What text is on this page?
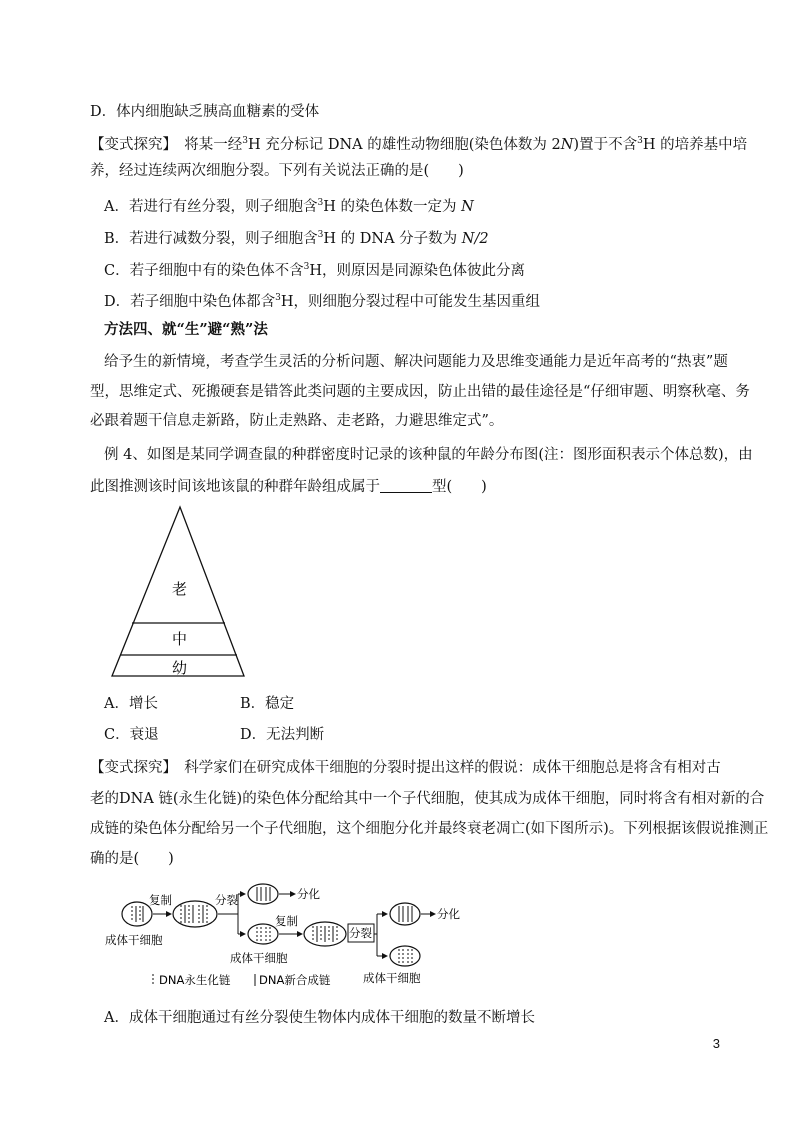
D．体内细胞缺乏胰高血糖素的受体
【变式探究】　 将某一经$^3$H 充分标记 DNA 的雄性动物细胞(染色体数为 2N)置于不含$^3$H 的培养基中培
养，经过连续两次细胞分裂。下列有关说法正确的是(　　)
A．若进行有丝分裂，则子细胞含$^3$H 的染色体数一定为 N
B．若进行减数分裂，则子细胞含$^3$H 的 DNA 分子数为 N/2
C．若子细胞中有的染色体不含$^3$H，则原因是同源染色体彼此分离
D．若子细胞中染色体都含$^3$H，则细胞分裂过程中可能发生基因重组
方法四、就“生”避“熟”法
给予生的新情境，考查学生灵活的分析问题、解决问题能力及思维变通能力是近年高考的“热衷”题
型，思维定式、死搬硬套是错答此类问题的主要成因，防止出错的最佳途径是“仔细审题、明察秋毫、务
必跟着题干信息走新路，防止走熟路、走老路，力避思维定式”。
例 4、如图是某同学调查鼠的种群密度时记录的该种鼠的年龄分布图(注：图形面积表示个体总数)，由
此图推测该时间该地该鼠的种群年龄组成属于	型(　　)
老
中
幼
A．增长	B．稳定
C．衰退	D．无法判断
【变式探究】　 科学家们在研究成体干细胞的分裂时提出这样的假说：成体干细胞总是将含有相对古
老的DNA 链(永生化链)的染色体分配给其中一个子代细胞，使其成为成体干细胞，同时将含有相对新的合
成链的染色体分配给另一个子代细胞，这个细胞分化并最终衰老凋亡(如下图所示)。下列根据该假说推测正
确的是(　　)
成体干细胞
复制	分裂	分化
成体干细胞
复制
分裂
分化
成体干细胞
DNA永生化链 DNA新合成链
A．成体干细胞通过有丝分裂使生物体内成体干细胞的数量不断增长
3
